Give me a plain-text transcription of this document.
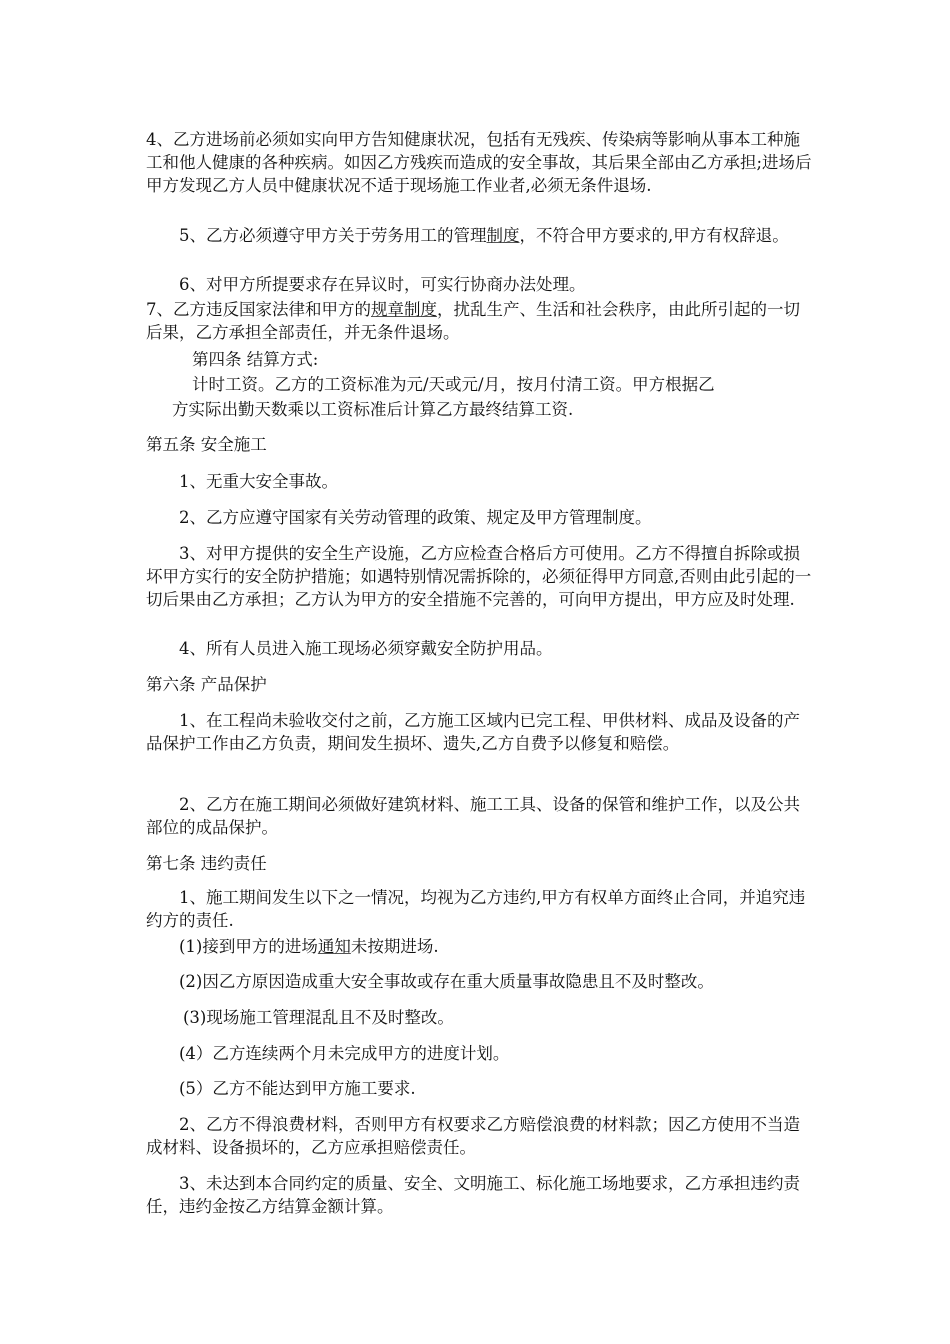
4、乙方进场前必须如实向甲方告知健康状况，包括有无残疾、传染病等影响从事本工种施工和他人健康的各种疾病。如因乙方残疾而造成的安全事故，其后果全部由乙方承担;进场后甲方发现乙方人员中健康状况不适于现场施工作业者,必须无条件退场.

5、乙方必须遵守甲方关于劳务用工的管理制度，不符合甲方要求的,甲方有权辞退。

6、对甲方所提要求存在异议时，可实行协商办法处理。

7、乙方违反国家法律和甲方的规章制度，扰乱生产、生活和社会秩序，由此所引起的一切后果，乙方承担全部责任，并无条件退场。

第四条 结算方式:

计时工资。乙方的工资标准为元/天或元/月，按月付清工资。甲方根据乙

方实际出勤天数乘以工资标准后计算乙方最终结算工资.

第五条 安全施工

1、无重大安全事故。

2、乙方应遵守国家有关劳动管理的政策、规定及甲方管理制度。

3、对甲方提供的安全生产设施，乙方应检查合格后方可使用。乙方不得擅自拆除或损坏甲方实行的安全防护措施；如遇特别情况需拆除的，必须征得甲方同意,否则由此引起的一切后果由乙方承担；乙方认为甲方的安全措施不完善的，可向甲方提出，甲方应及时处理.

4、所有人员进入施工现场必须穿戴安全防护用品。

第六条 产品保护

1、在工程尚未验收交付之前，乙方施工区域内已完工程、甲供材料、成品及设备的产品保护工作由乙方负责，期间发生损坏、遗失,乙方自费予以修复和赔偿。

2、乙方在施工期间必须做好建筑材料、施工工具、设备的保管和维护工作，以及公共部位的成品保护。

第七条 违约责任

1、施工期间发生以下之一情况，均视为乙方违约,甲方有权单方面终止合同，并追究违约方的责任.

(1)接到甲方的进场通知未按期进场.

(2)因乙方原因造成重大安全事故或存在重大质量事故隐患且不及时整改。

(3)现场施工管理混乱且不及时整改。

(4）乙方连续两个月未完成甲方的进度计划。

(5）乙方不能达到甲方施工要求.

2、乙方不得浪费材料，否则甲方有权要求乙方赔偿浪费的材料款；因乙方使用不当造成材料、设备损坏的，乙方应承担赔偿责任。

3、未达到本合同约定的质量、安全、文明施工、标化施工场地要求，乙方承担违约责任，违约金按乙方结算金额计算。
